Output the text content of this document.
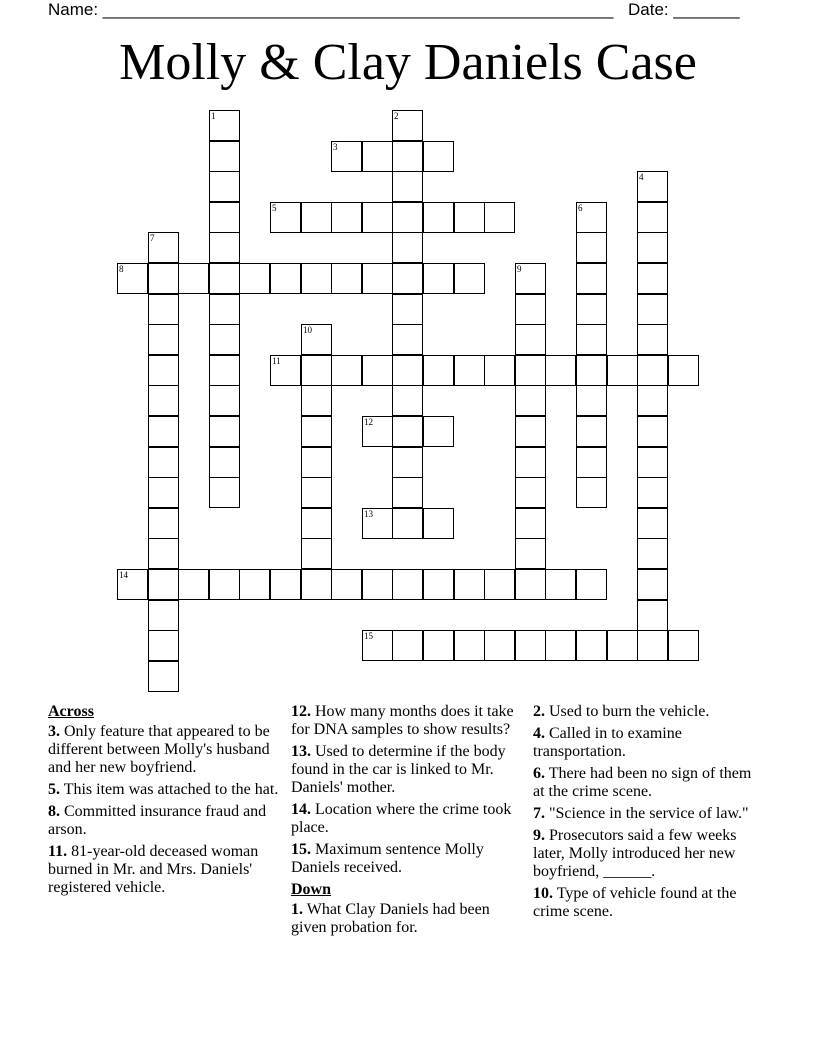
Name: ______________________________________________________ Date: _______
Molly & Clay Daniels Case
1	2
3
4
5	6
7
8	9
10
11
12
13
14
15
Across
3. Only feature that appeared to be different between Molly's husband and her new boyfriend.
5. This item was attached to the hat.
8. Committed insurance fraud and arson.
11. 81-year-old deceased woman burned in Mr. and Mrs. Daniels' registered vehicle.
12. How many months does it take for DNA samples to show results?
13. Used to determine if the body found in the car is linked to Mr. Daniels' mother.
14. Location where the crime took place.
15. Maximum sentence Molly Daniels received.
Down
1. What Clay Daniels had been given probation for.
2. Used to burn the vehicle.
4. Called in to examine transportation.
6. There had been no sign of them at the crime scene.
7. "Science in the service of law."
9. Prosecutors said a few weeks later, Molly introduced her new boyfriend, ______.
10. Type of vehicle found at the crime scene.
